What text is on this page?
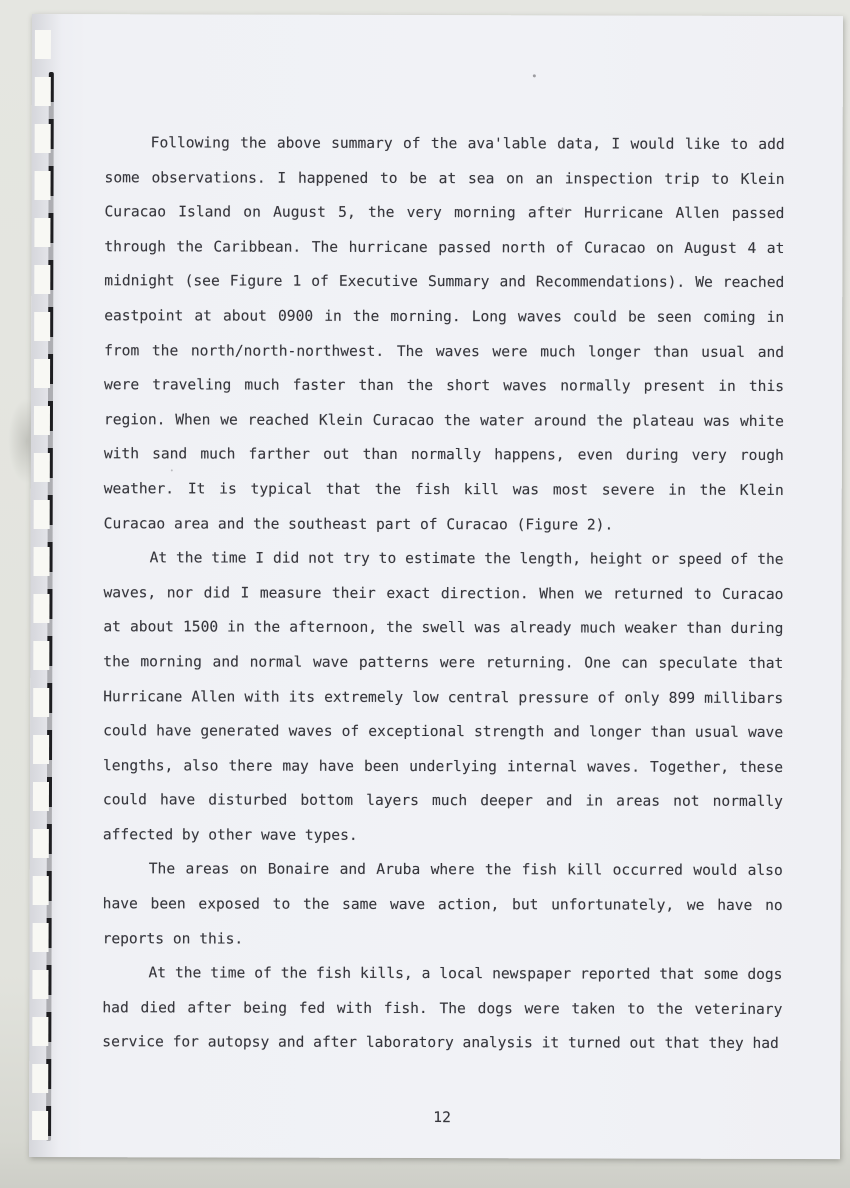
Following the above summary of the ava'lable data, I would like to add
some observations. I happened to be at sea on an inspection trip to Klein
Curacao Island on August 5, the very morning after Hurricane Allen passed
through the Caribbean. The hurricane passed north of Curacao on August 4 at
midnight (see Figure 1 of Executive Summary and Recommendations). We reached
eastpoint at about 0900 in the morning. Long waves could be seen coming in
from the north/north-northwest. The waves were much longer than usual and
were traveling much faster than the short waves normally present in this
region. When we reached Klein Curacao the water around the plateau was white
with sand much farther out than normally happens, even during very rough
weather. It is typical that the fish kill was most severe in the Klein
Curacao area and the southeast part of Curacao (Figure 2).

At the time I did not try to estimate the length, height or speed of the
waves, nor did I measure their exact direction. When we returned to Curacao
at about 1500 in the afternoon, the swell was already much weaker than during
the morning and normal wave patterns were returning. One can speculate that
Hurricane Allen with its extremely low central pressure of only 899 millibars
could have generated waves of exceptional strength and longer than usual wave
lengths, also there may have been underlying internal waves. Together, these
could have disturbed bottom layers much deeper and in areas not normally
affected by other wave types.

The areas on Bonaire and Aruba where the fish kill occurred would also
have been exposed to the same wave action, but unfortunately, we have no
reports on this.

At the time of the fish kills, a local newspaper reported that some dogs
had died after being fed with fish. The dogs were taken to the veterinary
service for autopsy and after laboratory analysis it turned out that they had

12
